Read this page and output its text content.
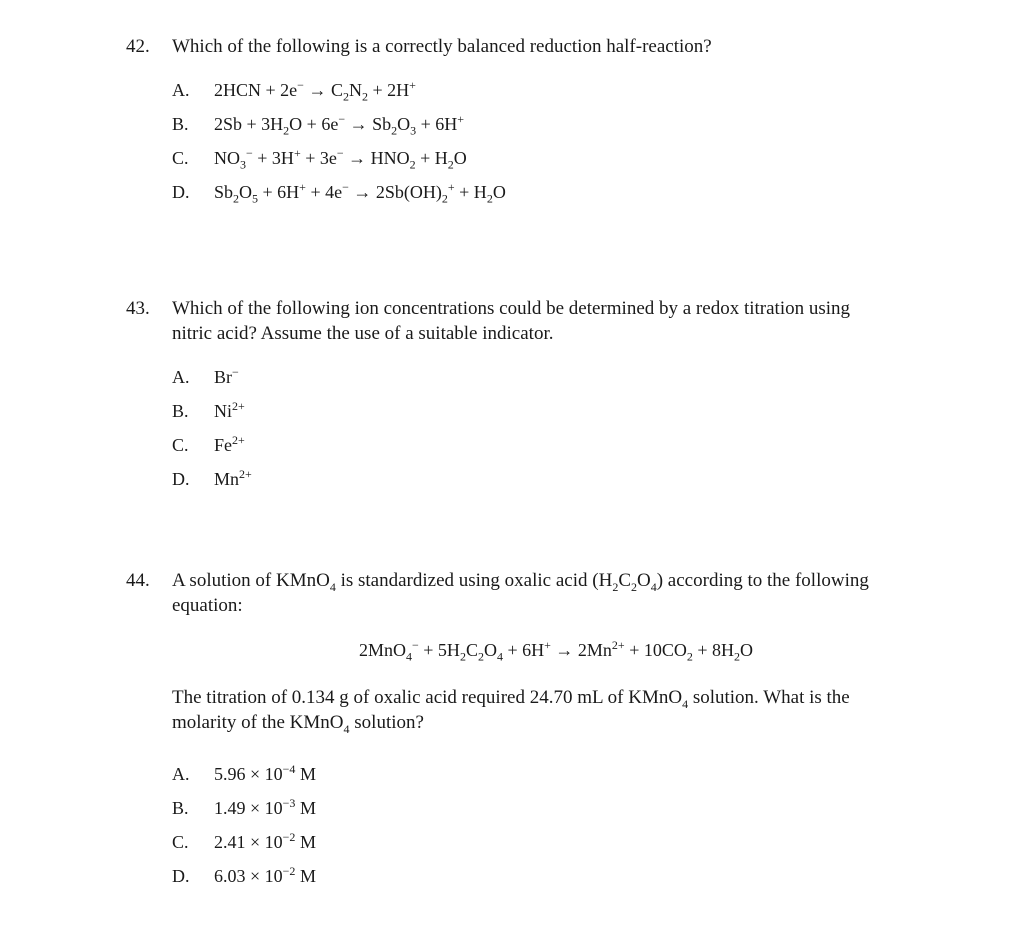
42. Which of the following is a correctly balanced reduction half-reaction?
A. $2HCN + 2e^- \to C_2N_2 + 2H^+$
B. $2Sb + 3H_2O + 6e^- \to Sb_2O_3 + 6H^+$
C. $NO_3^- + 3H^+ + 3e^- \to HNO_2 + H_2O$
D. $Sb_2O_5 + 6H^+ + 4e^- \to 2Sb(OH)_2^+ + H_2O$
43. Which of the following ion concentrations could be determined by a redox titration using
nitric acid? Assume the use of a suitable indicator.
A. Br−
B. $Ni^{2+}$
C. $Fe^{2+}$
D. $Mn^{2+}$
44. A solution of KMnO$_4$ is standardized using oxalic acid $(H_2C_2O_4)$ according to the following
equation:
$2MnO_4^- + 5H_2C_2O_4 + 6H^+ \to 2Mn^{2+} + 10CO_2 + 8H_2O$
The titration of 0.134 g of oxalic acid required 24.70 mL of KMnO$_4$ solution. What is the
molarity of the KMnO$_4$ solution?
A. $5.96 \times 10^{-4}$ M
B. $1.49 \times 10^{-3}$ M
C. $2.41 \times 10^{-2}$ M
D. $6.03 \times 10^{-2}$ M
